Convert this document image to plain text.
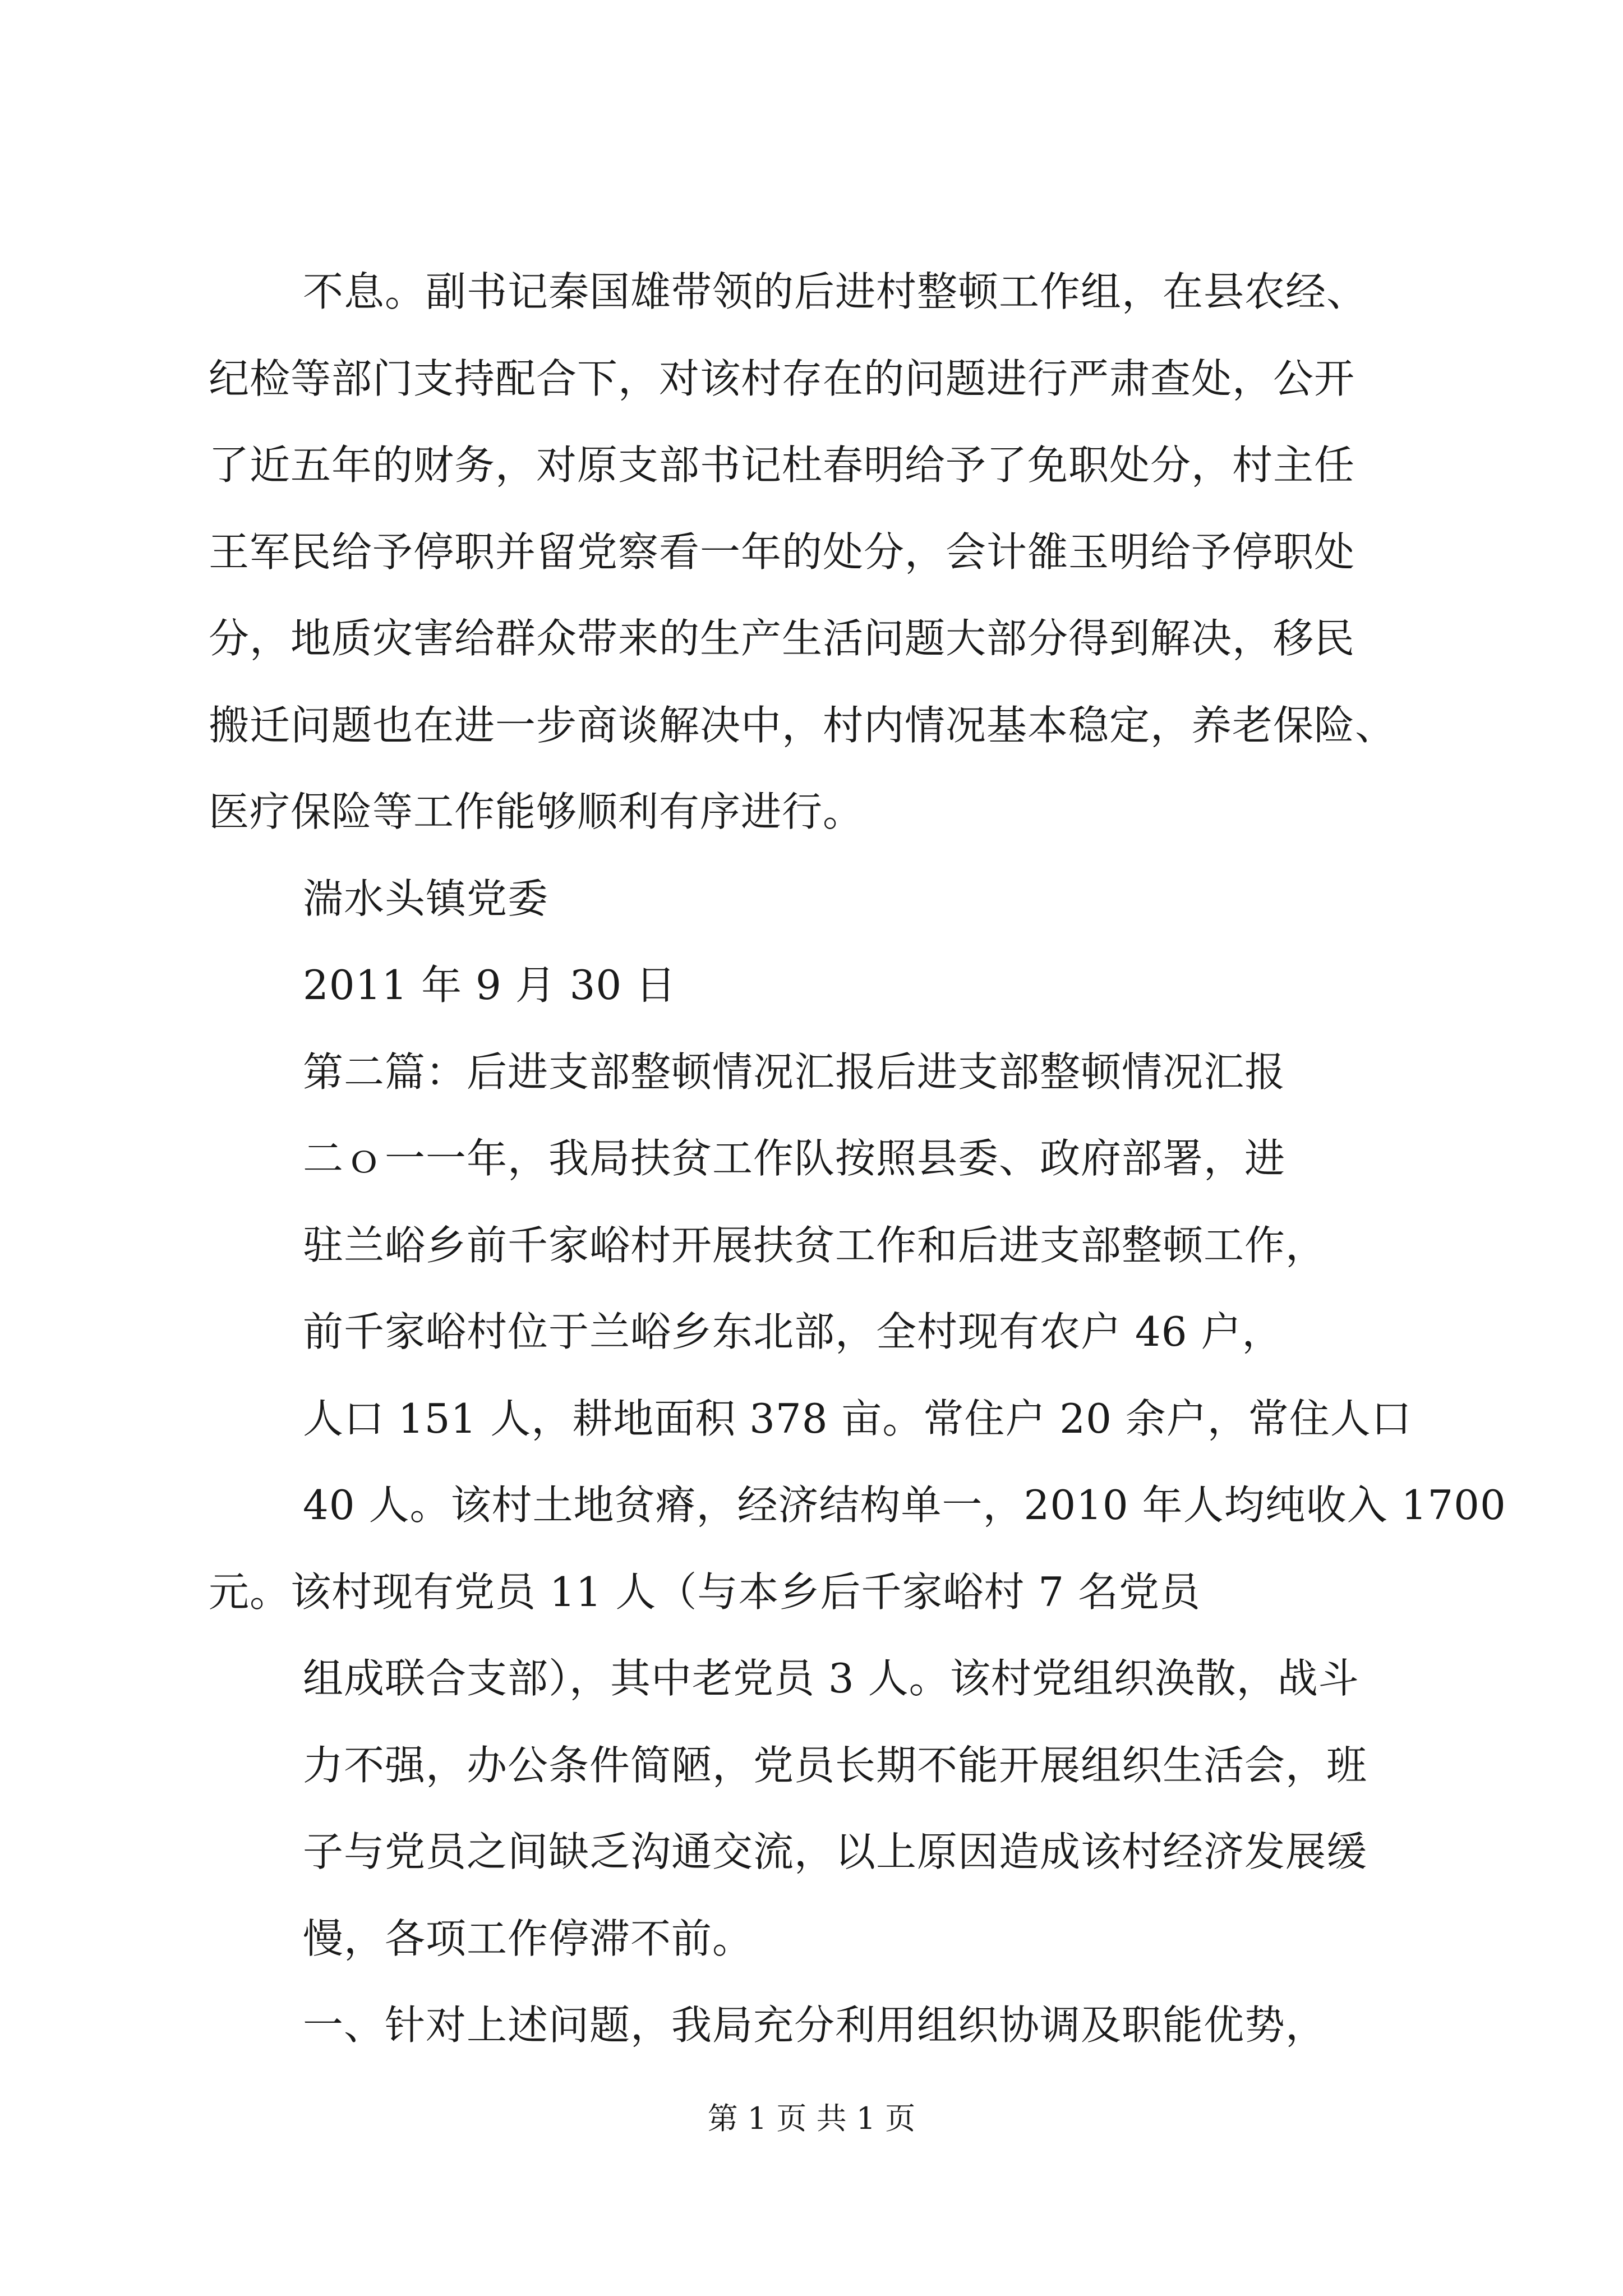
不息。副书记秦国雄带领的后进村整顿工作组，在县农经、
纪检等部门支持配合下，对该村存在的问题进行严肃查处，公开
了近五年的财务，对原支部书记杜春明给予了免职处分，村主任
王军民给予停职并留党察看一年的处分，会计雒玉明给予停职处
分，地质灾害给群众带来的生产生活问题大部分得到解决，移民
搬迁问题也在进一步商谈解决中，村内情况基本稳定，养老保险、
医疗保险等工作能够顺利有序进行。
湍水头镇党委
2011 年 9 月 30 日
第二篇：后进支部整顿情况汇报后进支部整顿情况汇报
二ｏ一一年，我局扶贫工作队按照县委、政府部署，进
驻兰峪乡前千家峪村开展扶贫工作和后进支部整顿工作，
前千家峪村位于兰峪乡东北部，全村现有农户 46 户，
人口 151 人，耕地面积 378 亩。常住户 20 余户，常住人口
40 人。该村土地贫瘠，经济结构单一，2010 年人均纯收入 1700
元。该村现有党员 11 人（与本乡后千家峪村 7 名党员
组成联合支部），其中老党员 3 人。该村党组织涣散，战斗
力不强，办公条件简陋，党员长期不能开展组织生活会，班
子与党员之间缺乏沟通交流，以上原因造成该村经济发展缓
慢，各项工作停滞不前。
一、针对上述问题，我局充分利用组织协调及职能优势，
第 1 页 共 1 页
